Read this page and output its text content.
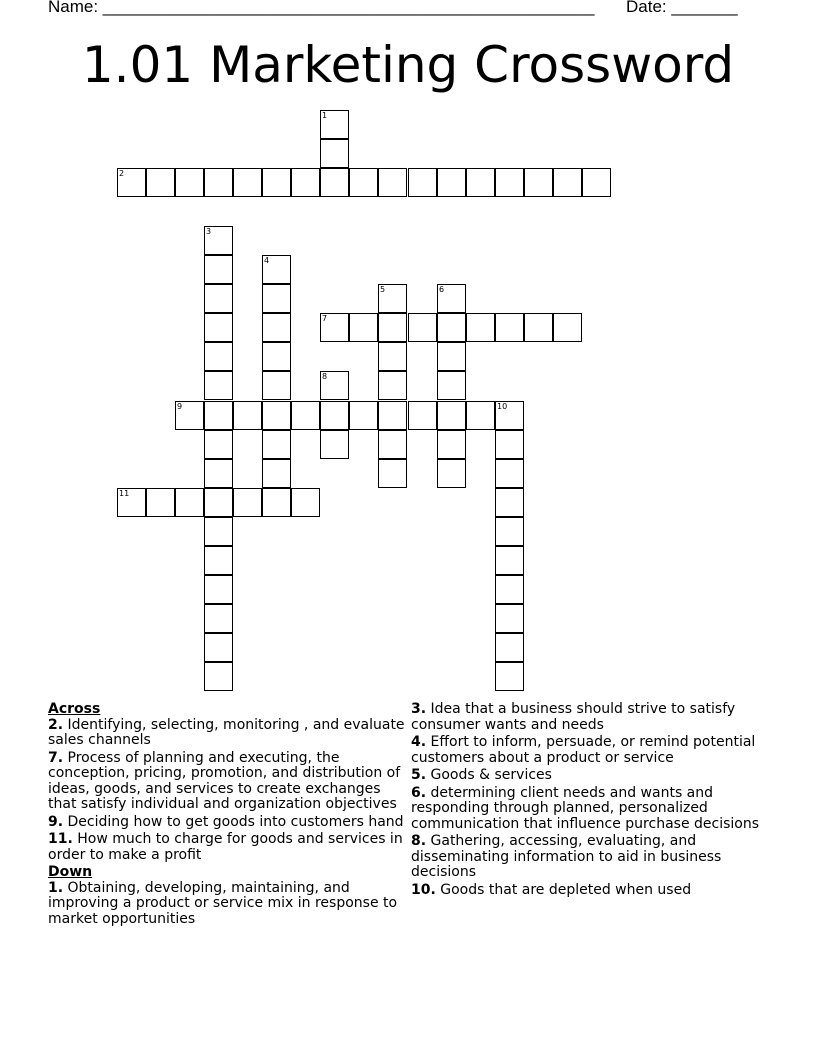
Name: ____________________________________________________ Date: _______
1.01 Marketing Crossword
1
2
3
4
5	6
7
8
9	10
11
Across
2. Identifying, selecting, monitoring , and evaluate sales channels
7. Process of planning and executing, the conception, pricing, promotion, and distribution of ideas, goods, and services to create exchanges that satisfy individual and organization objectives
9. Deciding how to get goods into customers hand
11. How much to charge for goods and services in order to make a profit
Down
1. Obtaining, developing, maintaining, and improving a product or service mix in response to market opportunities
3. Idea that a business should strive to satisfy consumer wants and needs
4. Effort to inform, persuade, or remind potential customers about a product or service
5. Goods & services
6. determining client needs and wants and responding through planned, personalized communication that influence purchase decisions
8. Gathering, accessing, evaluating, and disseminating information to aid in business decisions
10. Goods that are depleted when used
